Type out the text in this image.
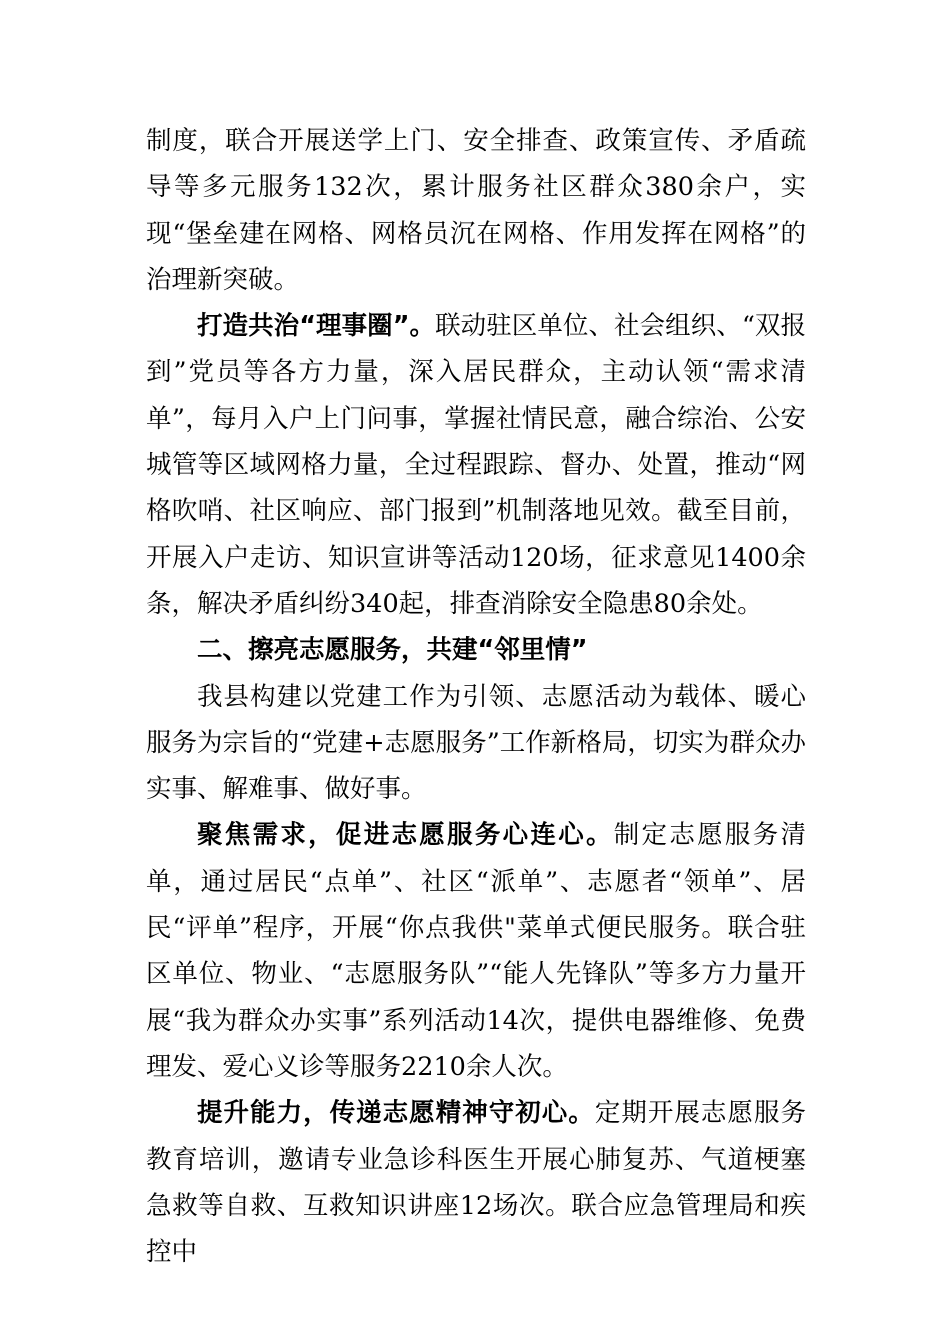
制度，联合开展送学上门、安全排查、政策宣传、矛盾疏导等多元服务132次，累计服务社区群众380余户，实现“堡垒建在网格、网格员沉在网格、作用发挥在网格”的治理新突破。

打造共治“理事圈”。联动驻区单位、社会组织、“双报到”党员等各方力量，深入居民群众，主动认领“需求清单”，每月入户上门问事，掌握社情民意，融合综治、公安城管等区域网格力量，全过程跟踪、督办、处置，推动“网格吹哨、社区响应、部门报到”机制落地见效。截至目前，开展入户走访、知识宣讲等活动120场，征求意见1400余条，解决矛盾纠纷340起，排查消除安全隐患80余处。

二、擦亮志愿服务，共建“邻里情”

我县构建以党建工作为引领、志愿活动为载体、暖心服务为宗旨的“党建+志愿服务”工作新格局，切实为群众办实事、解难事、做好事。

聚焦需求，促进志愿服务心连心。制定志愿服务清单，通过居民“点单”、社区“派单”、志愿者“领单”、居民“评单”程序，开展“你点我供"菜单式便民服务。联合驻区单位、物业、“志愿服务队”“能人先锋队”等多方力量开展“我为群众办实事”系列活动14次，提供电器维修、免费理发、爱心义诊等服务2210余人次。

提升能力，传递志愿精神守初心。定期开展志愿服务教育培训，邀请专业急诊科医生开展心肺复苏、气道梗塞急救等自救、互救知识讲座12场次。联合应急管理局和疾控中
